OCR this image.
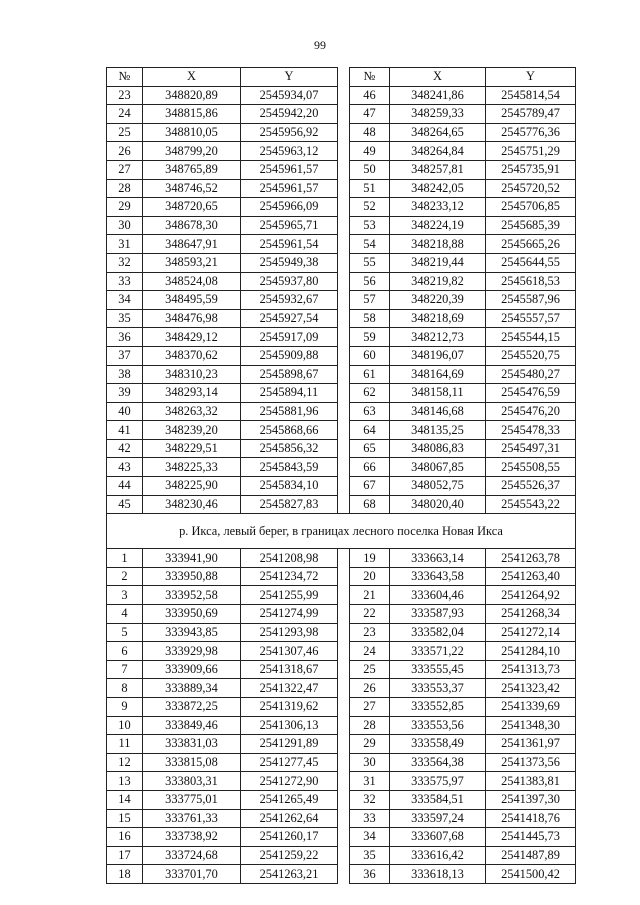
99
№	X	Y		№	X	Y
23	348820,89	2545934,07		46	348241,86	2545814,54
24	348815,86	2545942,20		47	348259,33	2545789,47
25	348810,05	2545956,92		48	348264,65	2545776,36
26	348799,20	2545963,12		49	348264,84	2545751,29
27	348765,89	2545961,57		50	348257,81	2545735,91
28	348746,52	2545961,57		51	348242,05	2545720,52
29	348720,65	2545966,09		52	348233,12	2545706,85
30	348678,30	2545965,71		53	348224,19	2545685,39
31	348647,91	2545961,54		54	348218,88	2545665,26
32	348593,21	2545949,38		55	348219,44	2545644,55
33	348524,08	2545937,80		56	348219,82	2545618,53
34	348495,59	2545932,67		57	348220,39	2545587,96
35	348476,98	2545927,54		58	348218,69	2545557,57
36	348429,12	2545917,09		59	348212,73	2545544,15
37	348370,62	2545909,88		60	348196,07	2545520,75
38	348310,23	2545898,67		61	348164,69	2545480,27
39	348293,14	2545894,11		62	348158,11	2545476,59
40	348263,32	2545881,96		63	348146,68	2545476,20
41	348239,20	2545868,66		64	348135,25	2545478,33
42	348229,51	2545856,32		65	348086,83	2545497,31
43	348225,33	2545843,59		66	348067,85	2545508,55
44	348225,90	2545834,10		67	348052,75	2545526,37
45	348230,46	2545827,83		68	348020,40	2545543,22
р. Икса, левый берег, в границах лесного поселка Новая Икса						
1	333941,90	2541208,98		19	333663,14	2541263,78
2	333950,88	2541234,72		20	333643,58	2541263,40
3	333952,58	2541255,99		21	333604,46	2541264,92
4	333950,69	2541274,99		22	333587,93	2541268,34
5	333943,85	2541293,98		23	333582,04	2541272,14
6	333929,98	2541307,46		24	333571,22	2541284,10
7	333909,66	2541318,67		25	333555,45	2541313,73
8	333889,34	2541322,47		26	333553,37	2541323,42
9	333872,25	2541319,62		27	333552,85	2541339,69
10	333849,46	2541306,13		28	333553,56	2541348,30
11	333831,03	2541291,89		29	333558,49	2541361,97
12	333815,08	2541277,45		30	333564,38	2541373,56
13	333803,31	2541272,90		31	333575,97	2541383,81
14	333775,01	2541265,49		32	333584,51	2541397,30
15	333761,33	2541262,64		33	333597,24	2541418,76
16	333738,92	2541260,17		34	333607,68	2541445,73
17	333724,68	2541259,22		35	333616,42	2541487,89
18	333701,70	2541263,21		36	333618,13	2541500,42
